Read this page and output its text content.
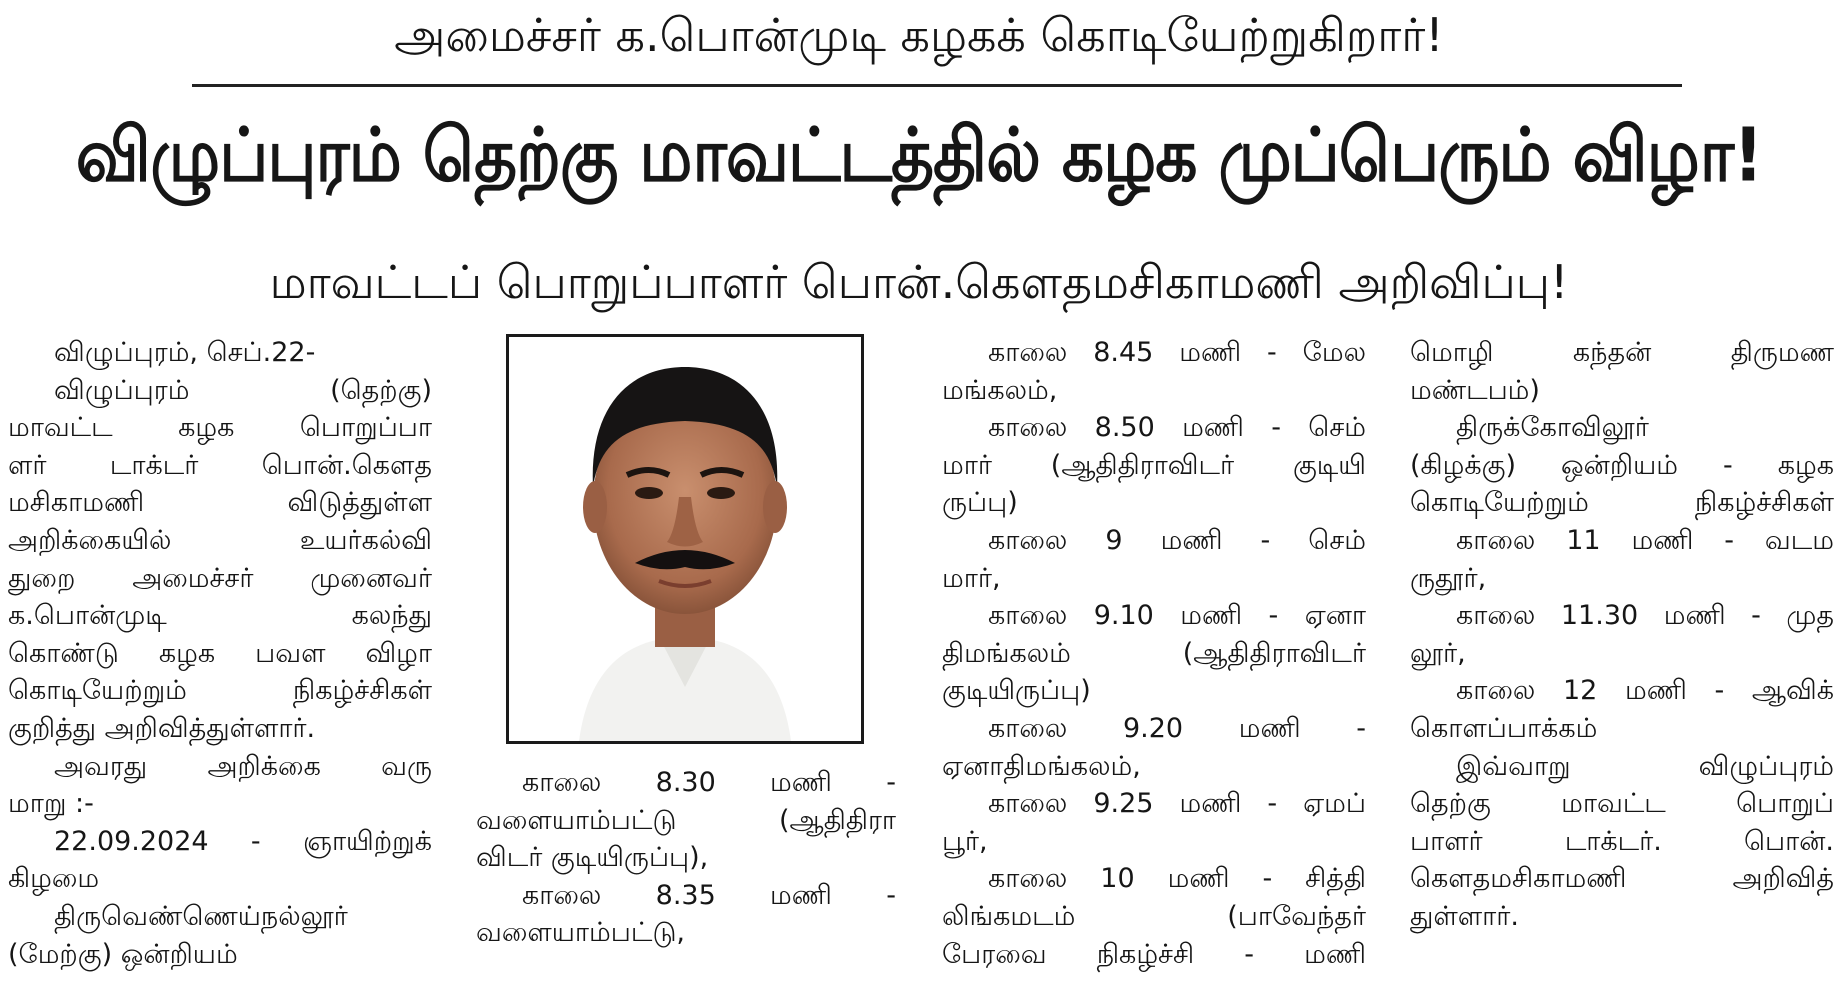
அமைச்சர் க.பொன்முடி கழகக் கொடியேற்றுகிறார்!
விழுப்புரம் தெற்கு மாவட்டத்தில் கழக முப்பெரும் விழா!
மாவட்டப் பொறுப்பாளர் பொன்.கௌதமசிகாமணி அறிவிப்பு!
விழுப்புரம், செப்.22-
விழுப்புரம் (தெற்கு)
மாவட்ட கழக பொறுப்பா
ளர் டாக்டர் பொன்.கௌத
மசிகாமணி விடுத்துள்ள
அறிக்கையில் உயர்கல்வி
துறை அமைச்சர் முனைவர்
க.பொன்முடி கலந்து
கொண்டு கழக பவள விழா
கொடியேற்றும் நிகழ்ச்சிகள்
குறித்து அறிவித்துள்ளார்.
அவரது அறிக்கை வரு
மாறு :-
22.09.2024 - ஞாயிற்றுக்
கிழமை
திருவெண்ணெய்நல்லூர்
(மேற்கு) ஒன்றியம்
காலை 8.30 மணி -
வளையாம்பட்டு (ஆதிதிரா
விடர் குடியிருப்பு),
காலை 8.35 மணி -
வளையாம்பட்டு,
காலை 8.45 மணி - மேல
மங்கலம்,
காலை 8.50 மணி - செம்
மார் (ஆதிதிராவிடர் குடியி
ருப்பு)
காலை 9 மணி - செம்
மார்,
காலை 9.10 மணி - ஏனா
திமங்கலம் (ஆதிதிராவிடர்
குடியிருப்பு)
காலை 9.20 மணி -
ஏனாதிமங்கலம்,
காலை 9.25 மணி - ஏமப்
பூர்,
காலை 10 மணி - சித்தி
லிங்கமடம் (பாவேந்தர்
பேரவை நிகழ்ச்சி - மணி
மொழி கந்தன் திருமண
மண்டபம்)
திருக்கோவிலூர்
(கிழக்கு) ஒன்றியம் - கழக
கொடியேற்றும் நிகழ்ச்சிகள்
காலை 11 மணி - வடம
ருதூர்,
காலை 11.30 மணி - முத
லூர்,
காலை 12 மணி - ஆவிக்
கொளப்பாக்கம்
இவ்வாறு விழுப்புரம்
தெற்கு மாவட்ட பொறுப்
பாளர் டாக்டர். பொன்.
கௌதமசிகாமணி அறிவித்
துள்ளார்.
